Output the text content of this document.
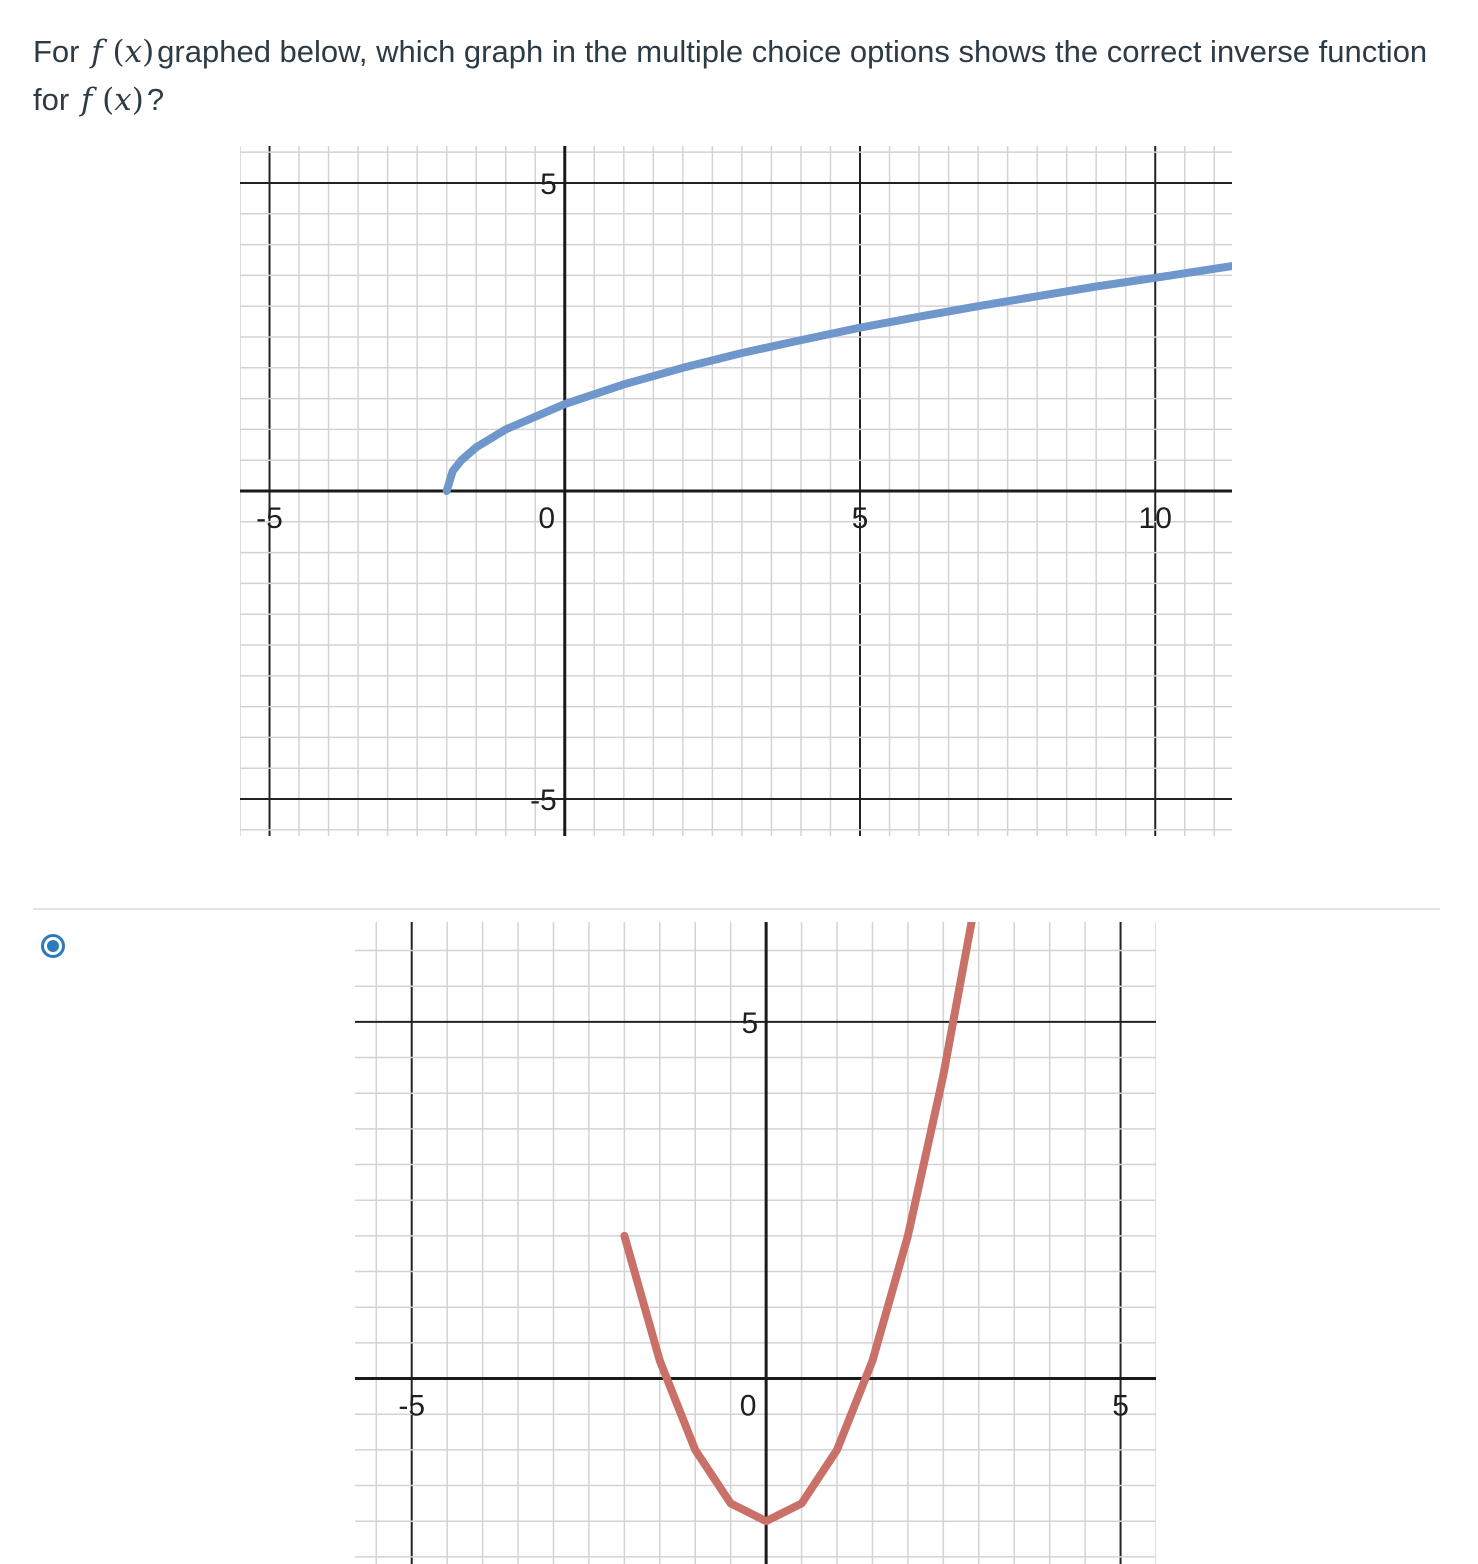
For f (x)graphed below, which graph in the multiple choice options shows the correct inverse function for f (x)?
-5	0	5	10
5
-5
-5	0	5
5
